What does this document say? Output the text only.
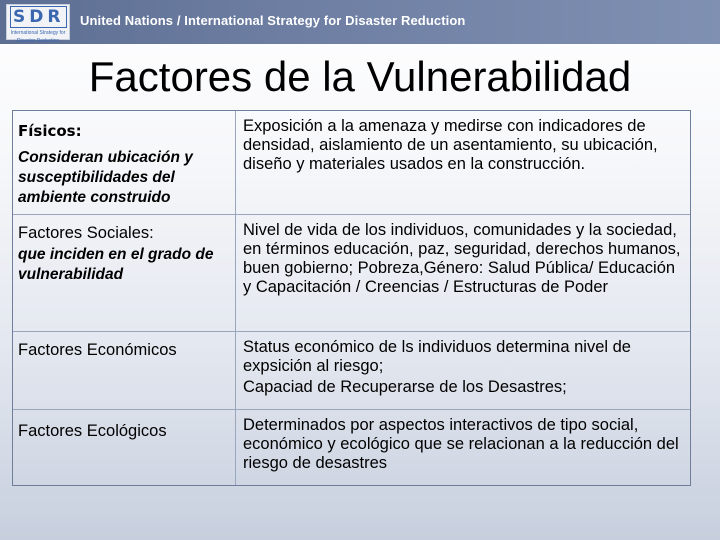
SDR
International Strategy for Disaster Reduction
United Nations / International Strategy for Disaster Reduction
Factores de la Vulnerabilidad
Físicos:
Consideran ubicación y susceptibilidades del ambiente construido
Exposición a la amenaza y medirse con indicadores de densidad, aislamiento de un asentamiento, su ubicación, diseño y materiales usados en la construcción.
Factores Sociales:
que inciden en el grado de vulnerabilidad
Nivel de vida de los individuos, comunidades y la sociedad, en términos educación, paz, seguridad, derechos humanos, buen gobierno; Pobreza,Género: Salud Pública/ Educación y Capacitación / Creencias / Estructuras de Poder
Factores Económicos	Status económico de ls individuos determina nivel de expsición al riesgo;
Capaciad de Recuperarse de los Desastres;
Factores Ecológicos	Determinados por aspectos interactivos de tipo social, económico y ecológico que se relacionan a la reducción del riesgo de desastres
